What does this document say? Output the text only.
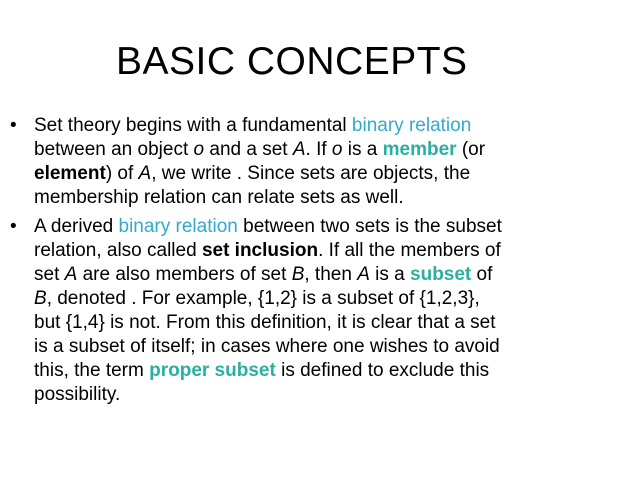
BASIC CONCEPTS
• Set theory begins with a fundamental binary relation
between an object o and a set A. If o is a member (or
element) of A, we write . Since sets are objects, the
membership relation can relate sets as well.
• A derived binary relation between two sets is the subset
relation, also called set inclusion. If all the members of
set A are also members of set B, then A is a subset of
B, denoted . For example, {1,2} is a subset of {1,2,3},
but {1,4} is not. From this definition, it is clear that a set
is a subset of itself; in cases where one wishes to avoid
this, the term proper subset is defined to exclude this
possibility.
